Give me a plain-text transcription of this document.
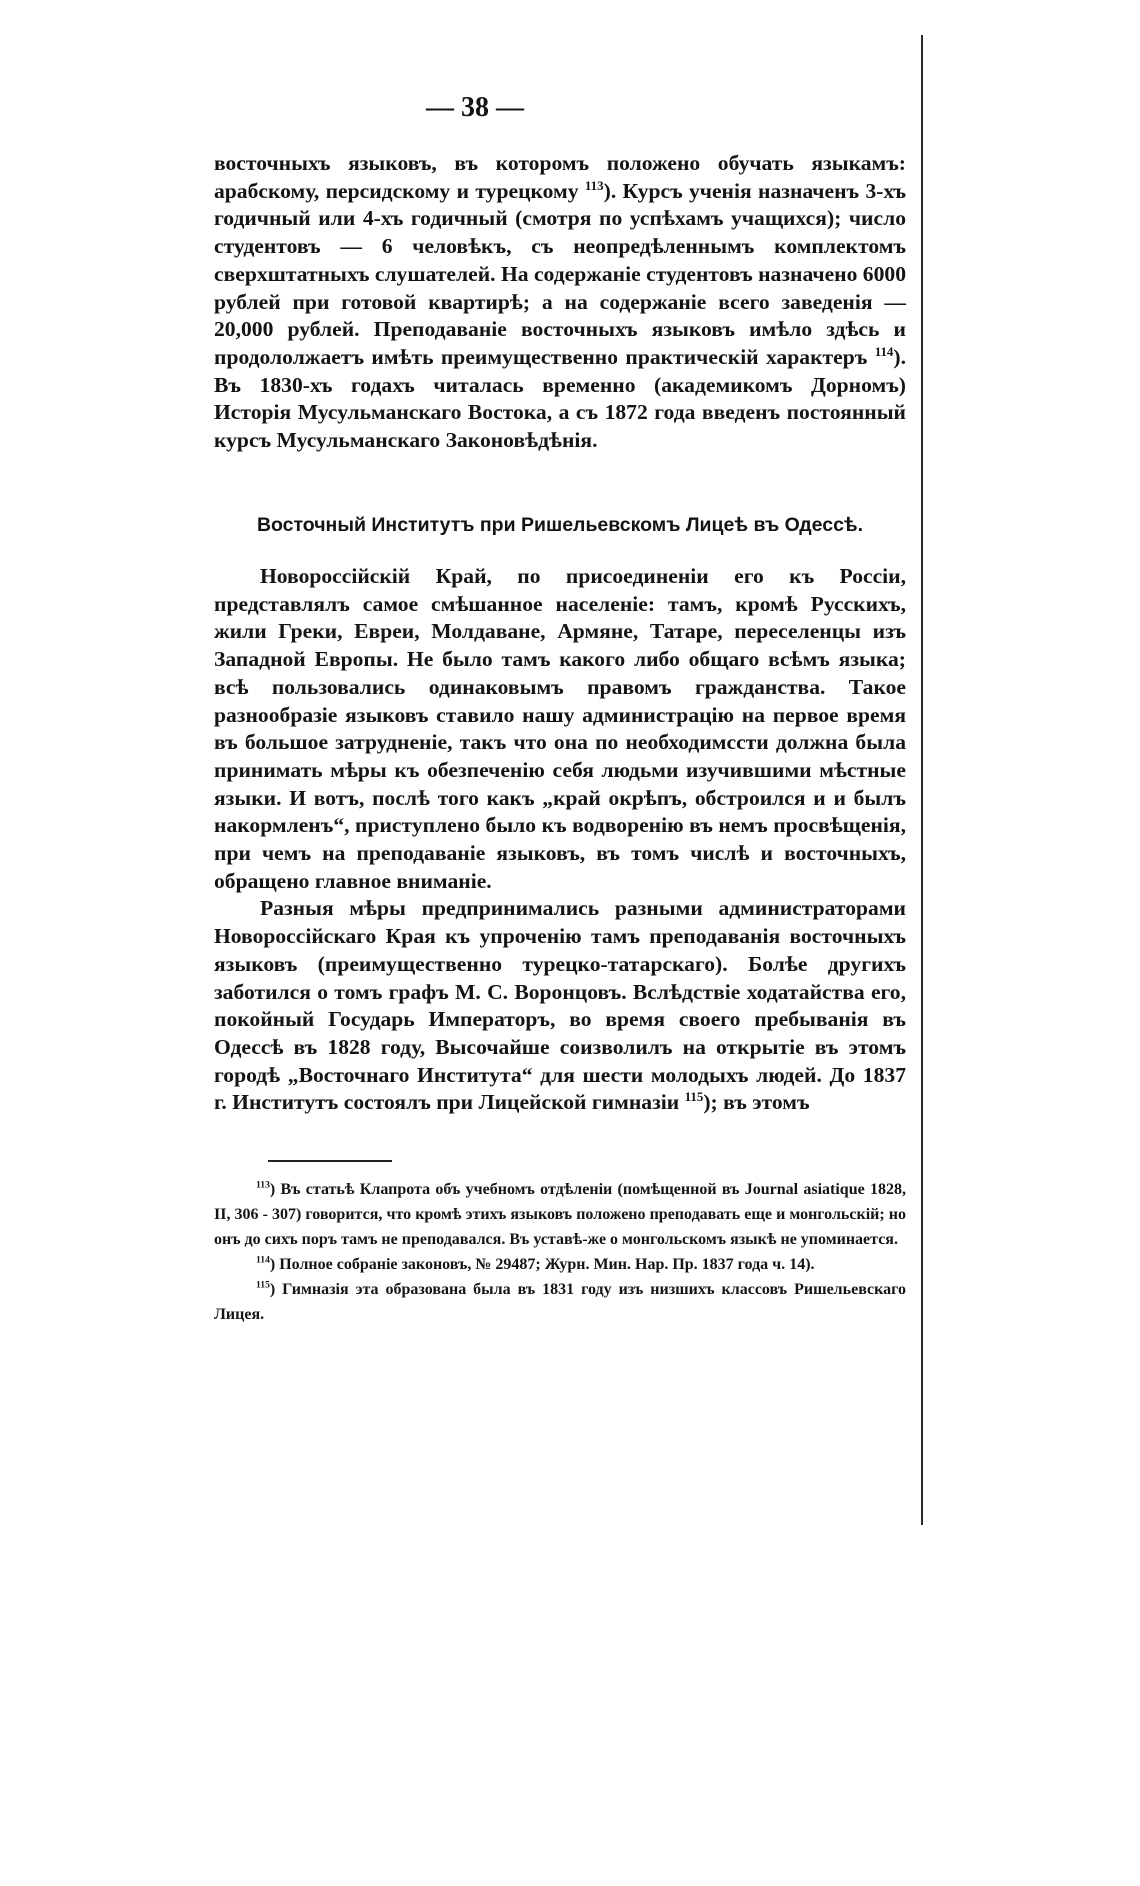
— 38 —

восточныхъ языковъ, въ которомъ положено обучать языкамъ: арабскому, персидскому и турецкому $^{113}$). Курсъ ученія назначенъ 3-хъ годичный или 4-хъ годичный (смотря по успѣхамъ учащихся); число студентовъ — 6 человѣкъ, съ неопредѣленнымъ комплектомъ сверхштатныхъ слушателей. На содержаніе студентовъ назначено 6000 рублей при готовой квартирѣ; а на содержаніе всего заведенія — 20,000 рублей. Преподаваніе восточныхъ языковъ имѣло здѣсь и продололжаетъ имѣть преимущественно практическій характеръ $^{114}$). Въ 1830-хъ годахъ читалась временно (академикомъ Дорномъ) Исторія Мусульманскаго Востока, а съ 1872 года введенъ постоянный курсъ Мусульманскаго Законовѣдѣнія.

Восточный Институтъ при Ришельевскомъ Лицеѣ въ Одессѣ.

Новороссійскій Край, по присоединеніи его къ Россіи, представлялъ самое смѣшанное населеніе: тамъ, кромѣ Русскихъ, жили Греки, Евреи, Молдаване, Армяне, Татаре, переселенцы изъ Западной Европы. Не было тамъ какого либо общаго всѣмъ языка; всѣ пользовались одинаковымъ правомъ гражданства. Такое разнообразіе языковъ ставило нашу администрацію на первое время въ большое затрудненіе, такъ что она по необходимссти должна была принимать мѣры къ обезпеченію себя людьми изучившими мѣстные языки. И вотъ, послѣ того какъ „край окрѣпъ, обстроился и и былъ накормленъ“, приступлено было къ водворенію въ немъ просвѣщенія, при чемъ на преподаваніе языковъ, въ томъ числѣ и восточныхъ, обращено главное вниманіе.

Разныя мѣры предпринимались разными администраторами Новороссійскаго Края къ упроченію тамъ преподаванія восточныхъ языковъ (преимущественно турецко-татарскаго). Болѣе другихъ заботился о томъ графъ М. С. Воронцовъ. Вслѣдствіе ходатайства его, покойный Государь Императоръ, во время своего пребыванія въ Одессѣ въ 1828 году, Высочайше соизволилъ на открытіе въ этомъ городѣ „Восточнаго Института“ для шести молодыхъ людей. До 1837 г. Институтъ состоялъ при Лицейской гимназіи $^{115}$); въ этомъ

$^{113}$) Въ статьѣ Клапрота объ учебномъ отдѣленіи (помѣщенной въ Journal asiatique 1828, II, 306 - 307) говорится, что кромѣ этихъ языковъ положено преподавать еще и монгольскій; но онъ до сихъ поръ тамъ не преподавался. Въ уставѣ-же о монгольскомъ языкѣ не упоминается.

$^{114}$) Полное собраніе законовъ, № 29487; Журн. Мин. Нар. Пр. 1837 года ч. 14).

$^{115}$) Гимназія эта образована была въ 1831 году изъ низшихъ классовъ Ришельевскаго Лицея.
